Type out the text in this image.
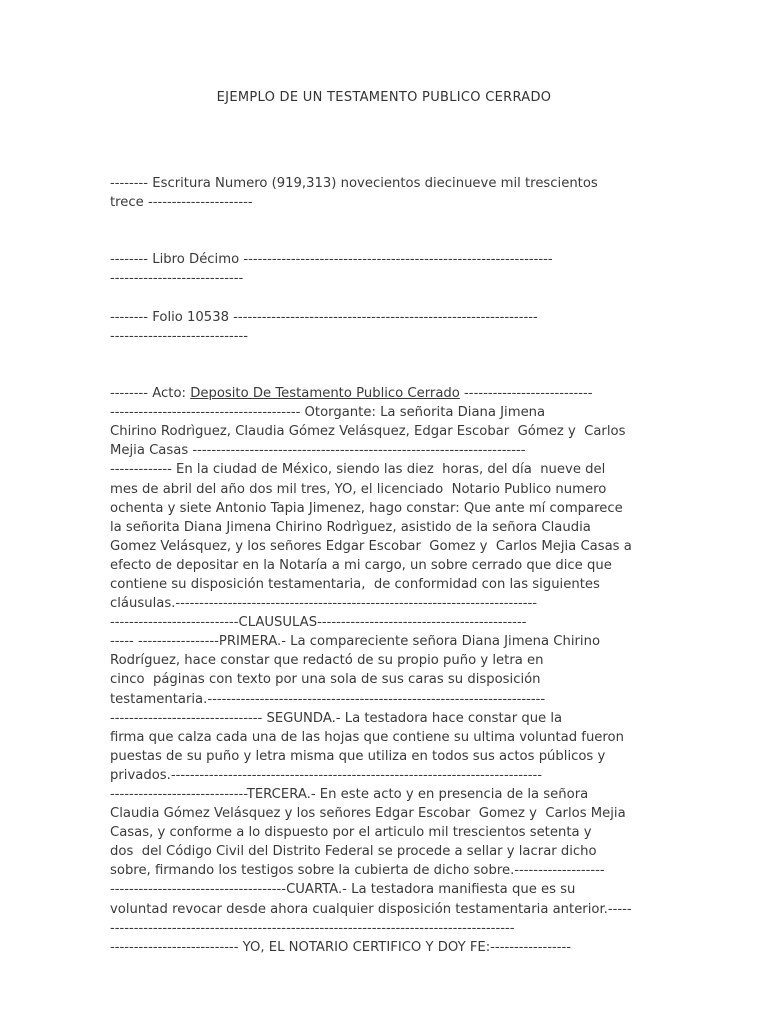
EJEMPLO DE UN TESTAMENTO PUBLICO CERRADO
-------- Escritura Numero (919,313) novecientos diecinueve mil trescientos
trece ----------------------
-------- Libro Décimo -----------------------------------------------------------------
----------------------------
-------- Folio 10538 ----------------------------------------------------------------
-----------------------------
-------- Acto: Deposito De Testamento Publico Cerrado ---------------------------
---------------------------------------- Otorgante: La señorita Diana Jimena
Chirino Rodrìguez, Claudia Gómez Velásquez, Edgar Escobar  Gómez y  Carlos
Mejia Casas ----------------------------------------------------------------------
------------- En la ciudad de México, siendo las diez  horas, del día  nueve del
mes de abril del año dos mil tres, YO, el licenciado  Notario Publico numero
ochenta y siete Antonio Tapia Jimenez, hago constar: Que ante mí comparece
la señorita Diana Jimena Chirino Rodrìguez, asistido de la señora Claudia
Gomez Velásquez, y los señores Edgar Escobar  Gomez y  Carlos Mejia Casas a
efecto de depositar en la Notaría a mi cargo, un sobre cerrado que dice que
contiene su disposición testamentaria,  de conformidad con las siguientes
cláusulas.----------------------------------------------------------------------------
---------------------------CLAUSULAS--------------------------------------------
----- -----------------PRIMERA.- La compareciente señora Diana Jimena Chirino
Rodríguez, hace constar que redactó de su propio puño y letra en
cinco  páginas con texto por una sola de sus caras su disposición
testamentaria.-----------------------------------------------------------------------
-------------------------------- SEGUNDA.- La testadora hace constar que la
firma que calza cada una de las hojas que contiene su ultima voluntad fueron
puestas de su puño y letra misma que utiliza en todos sus actos públicos y
privados.------------------------------------------------------------------------------
-----------------------------TERCERA.- En este acto y en presencia de la señora
Claudia Gómez Velásquez y los señores Edgar Escobar  Gomez y  Carlos Mejia
Casas, y conforme a lo dispuesto por el articulo mil trescientos setenta y
dos  del Código Civil del Distrito Federal se procede a sellar y lacrar dicho
sobre, firmando los testigos sobre la cubierta de dicho sobre.-------------------
-------------------------------------CUARTA.- La testadora manifiesta que es su
voluntad revocar desde ahora cualquier disposición testamentaria anterior.-----
-------------------------------------------------------------------------------------
--------------------------- YO, EL NOTARIO CERTIFICO Y DOY FE:-----------------
